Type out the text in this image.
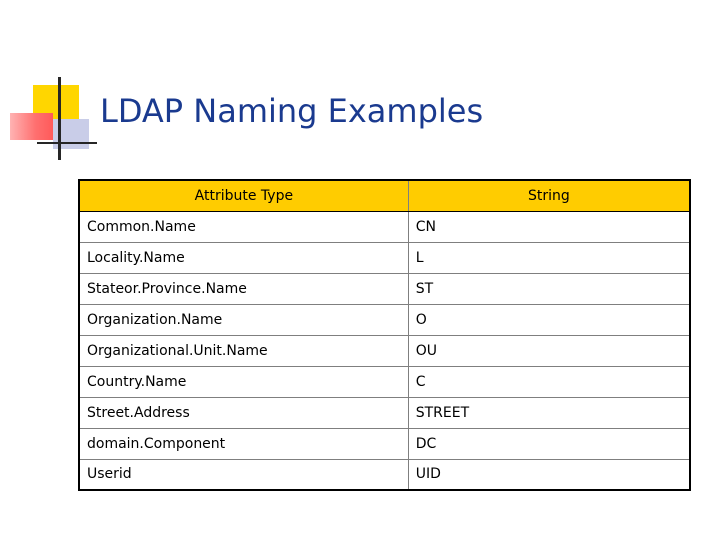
LDAP Naming Examples
Attribute Type	String
Common.Name	CN
Locality.Name	L
Stateor.Province.Name	ST
Organization.Name	O
Organizational.Unit.Name	OU
Country.Name	C
Street.Address	STREET
domain.Component	DC
Userid	UID
